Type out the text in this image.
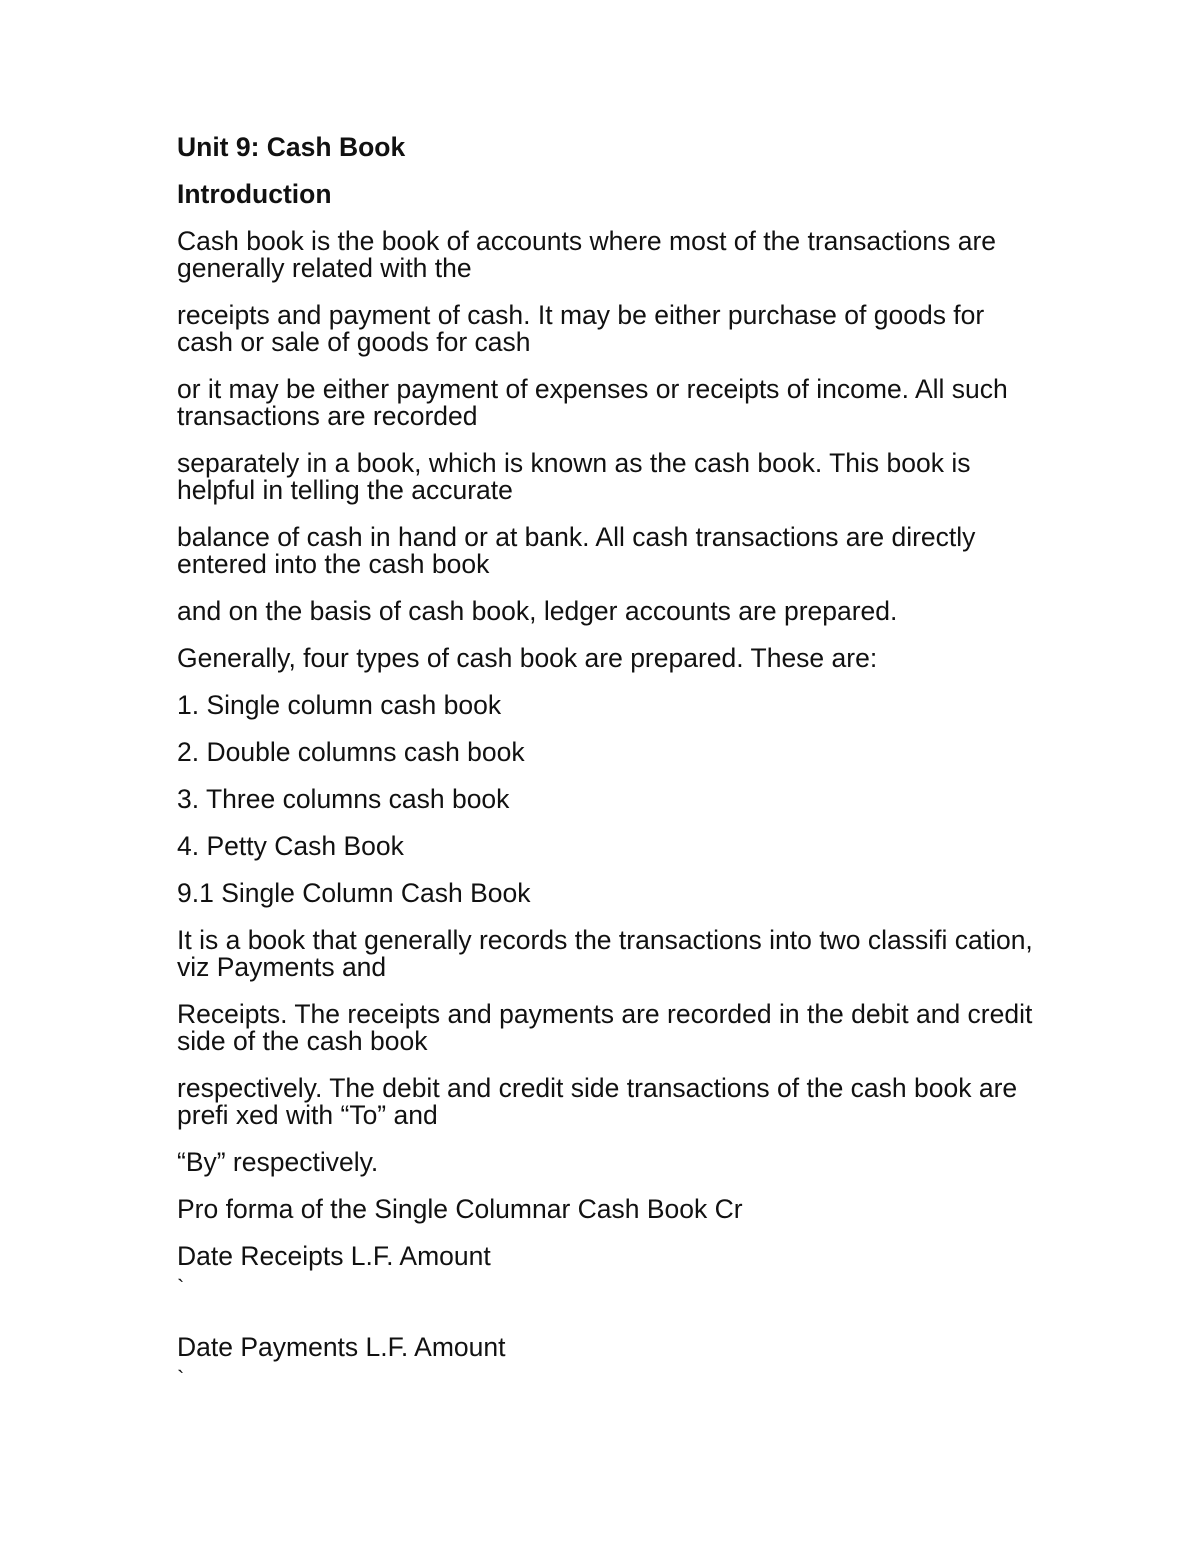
Unit 9: Cash Book
Introduction
Cash book is the book of accounts where most of the transactions are generally related with the
receipts and payment of cash. It may be either purchase of goods for cash or sale of goods for cash
or it may be either payment of expenses or receipts of income. All such transactions are recorded
separately in a book, which is known as the cash book. This book is helpful in telling the accurate
balance of cash in hand or at bank. All cash transactions are directly entered into the cash book
and on the basis of cash book, ledger accounts are prepared.
Generally, four types of cash book are prepared. These are:
1. Single column cash book
2. Double columns cash book
3. Three columns cash book
4. Petty Cash Book
9.1 Single Column Cash Book
It is a book that generally records the transactions into two classifi cation, viz Payments and
Receipts. The receipts and payments are recorded in the debit and credit side of the cash book
respectively. The debit and credit side transactions of the cash book are prefi xed with “To” and
“By” respectively.
Pro forma of the Single Columnar Cash Book Cr
Date Receipts L.F. Amount
`
Date Payments L.F. Amount
`
